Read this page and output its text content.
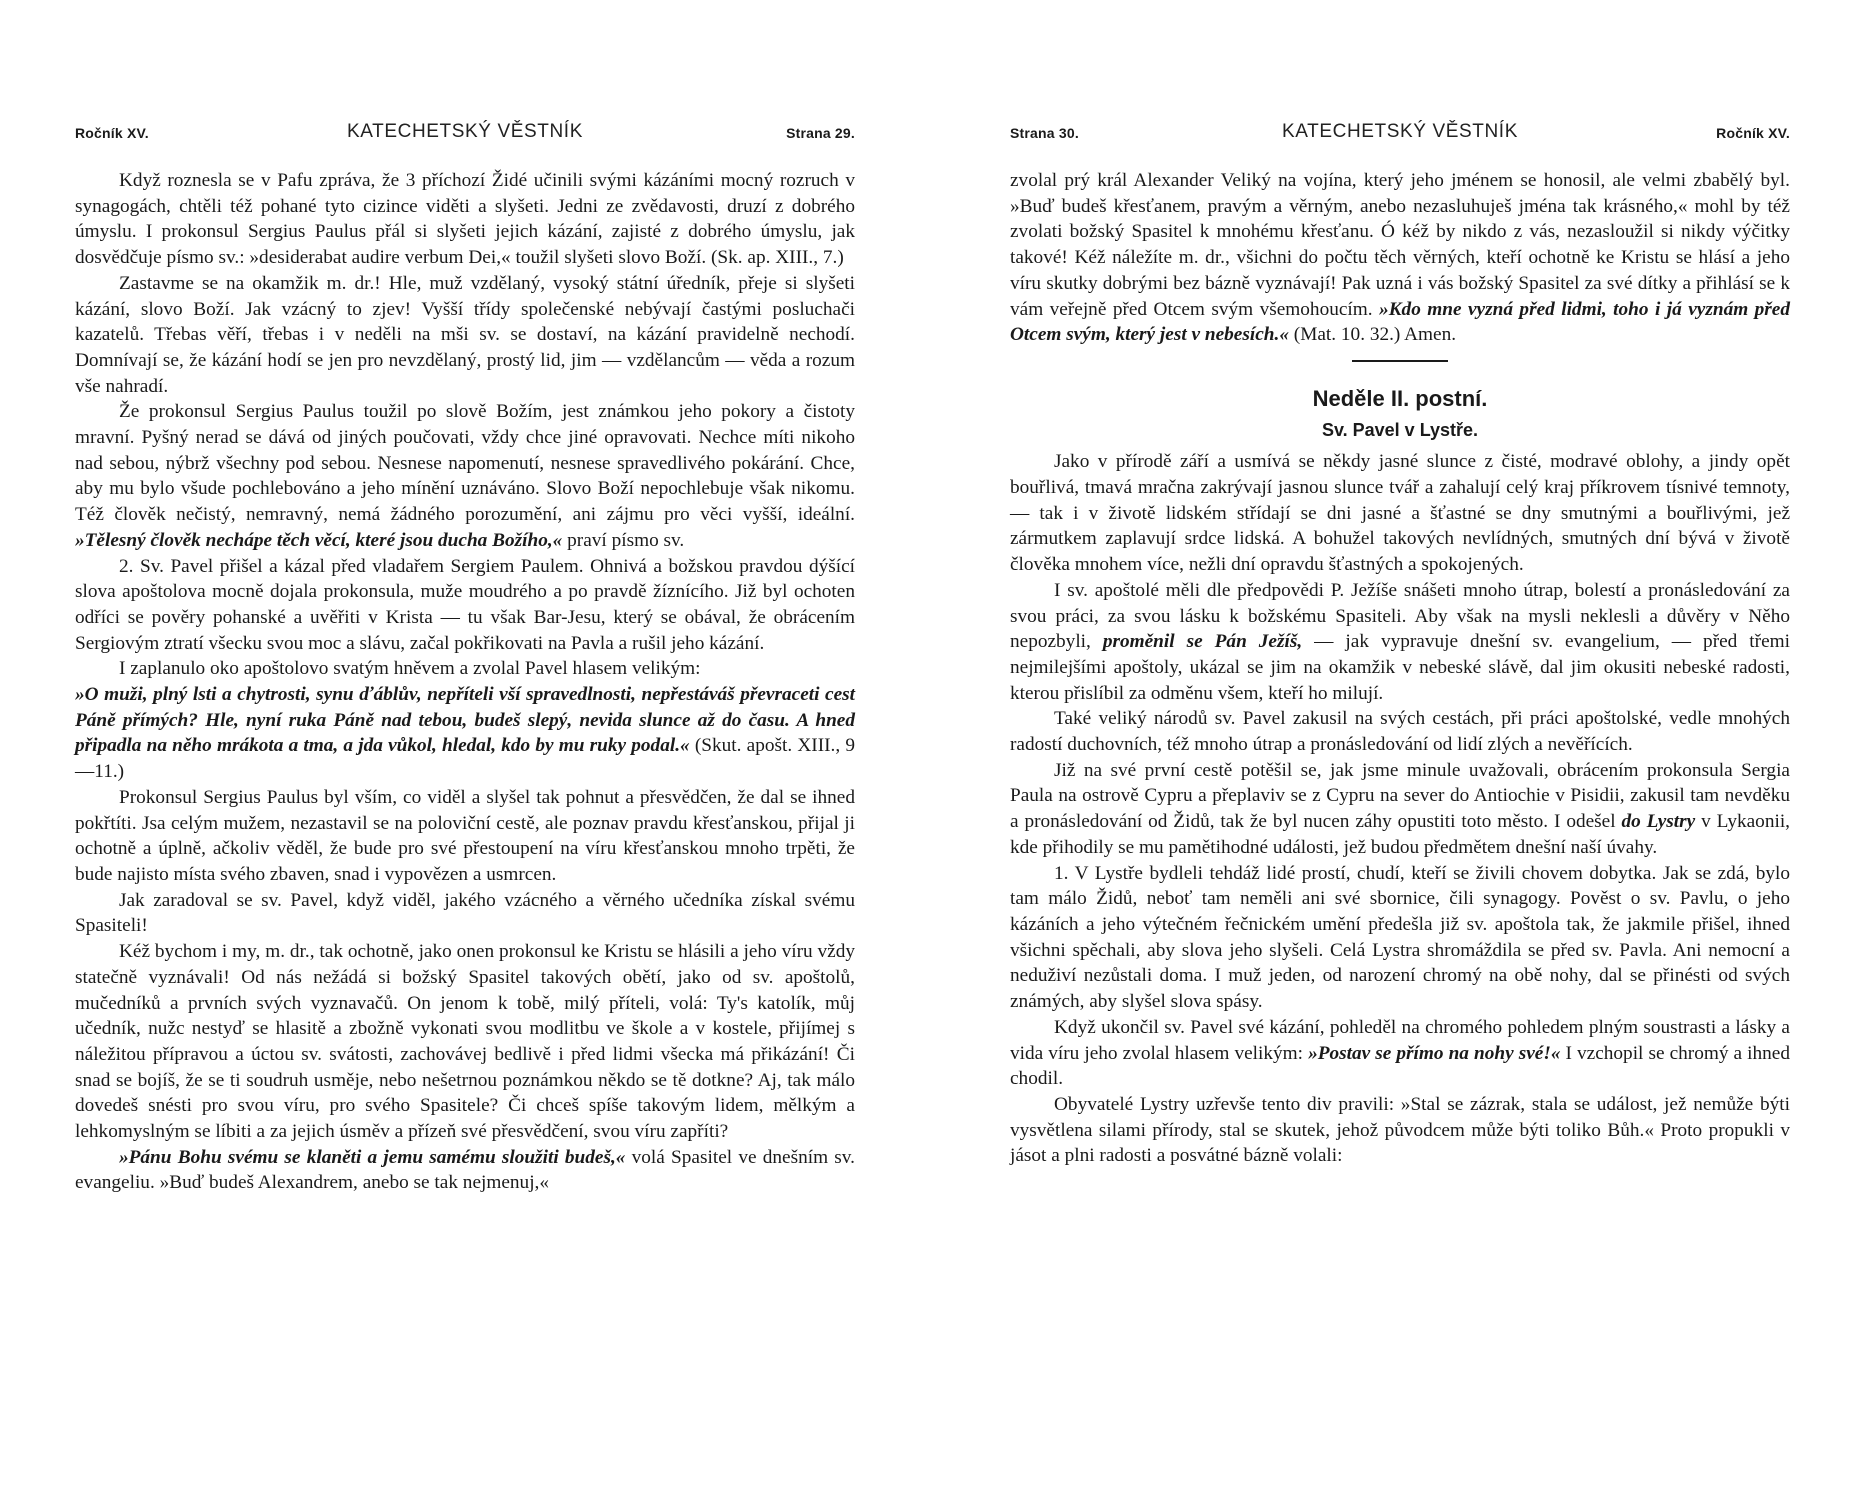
Ročník XV.	KATECHETSKÝ VĚSTNÍK	Strana 29.

Když roznesla se v Pafu zpráva, že 3 příchozí Židé učinili svými kázáními mocný rozruch v synagogách, chtěli též pohané tyto cizince viděti a slyšeti. Jedni ze zvědavosti, druzí z dobrého úmyslu. I prokonsul Sergius Paulus přál si slyšeti jejich kázání, zajisté z dobrého úmyslu, jak dosvědčuje písmo sv.: »desiderabat audire verbum Dei,« toužil slyšeti slovo Boží. (Sk. ap. XIII., 7.)

Zastavme se na okamžik m. dr.! Hle, muž vzdělaný, vysoký státní úředník, přeje si slyšeti kázání, slovo Boží. Jak vzácný to zjev! Vyšší třídy společenské nebývají častými posluchači kazatelů. Třebas věří, třebas i v neděli na mši sv. se dostaví, na kázání pravidelně nechodí. Domnívají se, že kázání hodí se jen pro nevzdělaný, prostý lid, jim — vzdělancům — věda a rozum vše nahradí.

Že prokonsul Sergius Paulus toužil po slově Božím, jest známkou jeho pokory a čistoty mravní. Pyšný nerad se dává od jiných poučovati, vždy chce jiné opravovati. Nechce míti nikoho nad sebou, nýbrž všechny pod sebou. Nesnese napomenutí, nesnese spravedlivého pokárání. Chce, aby mu bylo všude pochlebováno a jeho mínění uznáváno. Slovo Boží nepochlebuje však nikomu. Též člověk nečistý, nemravný, nemá žádného porozumění, ani zájmu pro věci vyšší, ideální. »Tělesný člověk nechápe těch věcí, které jsou ducha Božího,« praví písmo sv.

2. Sv. Pavel přišel a kázal před vladařem Sergiem Paulem. Ohnivá a božskou pravdou dýšící slova apoštolova mocně dojala prokonsula, muže moudrého a po pravdě žíznícího. Již byl ochoten odříci se pověry pohanské a uvěřiti v Krista — tu však Bar-Jesu, který se obával, že obrácením Sergiovým ztratí všecku svou moc a slávu, začal pokřikovati na Pavla a rušil jeho kázání.

I zaplanulo oko apoštolovo svatým hněvem a zvolal Pavel hlasem velikým:

»O muži, plný lsti a chytrosti, synu ďáblův, nepříteli vší spravedlnosti, nepřestáváš převraceti cest Páně přímých? Hle, nyní ruka Páně nad tebou, budeš slepý, nevida slunce až do času. A hned připadla na něho mrákota a tma, a jda vůkol, hledal, kdo by mu ruky podal.« (Skut. apošt. XIII., 9—11.)

Prokonsul Sergius Paulus byl vším, co viděl a slyšel tak pohnut a přesvědčen, že dal se ihned pokřtíti. Jsa celým mužem, nezastavil se na poloviční cestě, ale poznav pravdu křesťanskou, přijal ji ochotně a úplně, ačkoliv věděl, že bude pro své přestoupení na víru křesťanskou mnoho trpěti, že bude najisto místa svého zbaven, snad i vypovězen a usmrcen.

Jak zaradoval se sv. Pavel, když viděl, jakého vzácného a věrného učedníka získal svému Spasiteli!

Kéž bychom i my, m. dr., tak ochotně, jako onen prokonsul ke Kristu se hlásili a jeho víru vždy statečně vyznávali! Od nás nežádá si božský Spasitel takových obětí, jako od sv. apoštolů, mučedníků a prvních svých vyznavačů. On jenom k tobě, milý příteli, volá: Ty's katolík, můj učedník, nužc nestyď se hlasitě a zbožně vykonati svou modlitbu ve škole a v kostele, přijímej s náležitou přípravou a úctou sv. svátosti, zachovávej bedlivě i před lidmi všecka má přikázání! Či snad se bojíš, že se ti soudruh usměje, nebo nešetrnou poznámkou někdo se tě dotkne? Aj, tak málo dovedeš snésti pro svou víru, pro svého Spasitele? Či chceš spíše takovým lidem, mělkým a lehkomyslným se líbiti a za jejich úsměv a přízeň své přesvědčení, svou víru zapříti?

»Pánu Bohu svému se klaněti a jemu samému sloužiti budeš,« volá Spasitel ve dnešním sv. evangeliu. »Buď budeš Alexandrem, anebo se tak nejmenuj,«

Strana 30.	KATECHETSKÝ VĚSTNÍK	Ročník XV.

zvolal prý král Alexander Veliký na vojína, který jeho jménem se honosil, ale velmi zbabělý byl. »Buď budeš křesťanem, pravým a věrným, anebo nezasluhuješ jména tak krásného,« mohl by též zvolati božský Spasitel k mnohému křesťanu. Ó kéž by nikdo z vás, nezasloužil si nikdy výčitky takové! Kéž náležíte m. dr., všichni do počtu těch věrných, kteří ochotně ke Kristu se hlásí a jeho víru skutky dobrými bez bázně vyznávají! Pak uzná i vás božský Spasitel za své dítky a přihlásí se k vám veřejně před Otcem svým všemohoucím. »Kdo mne vyzná před lidmi, toho i já vyznám před Otcem svým, který jest v nebesích.« (Mat. 10. 32.) Amen.

Neděle II. postní.
Sv. Pavel v Lystře.

Jako v přírodě září a usmívá se někdy jasné slunce z čisté, modravé oblohy, a jindy opět bouřlivá, tmavá mračna zakrývají jasnou slunce tvář a zahalují celý kraj příkrovem tísnivé temnoty, — tak i v životě lidském střídají se dni jasné a šťastné se dny smutnými a bouřlivými, jež zármutkem zaplavují srdce lidská. A bohužel takových nevlídných, smutných dní bývá v životě člověka mnohem více, nežli dní opravdu šťastných a spokojených.

I sv. apoštolé měli dle předpovědi P. Ježíše snášeti mnoho útrap, bolestí a pronásledování za svou práci, za svou lásku k božskému Spasiteli. Aby však na mysli neklesli a důvěry v Něho nepozbyli, proměnil se Pán Ježíš, — jak vypravuje dnešní sv. evangelium, — před třemi nejmilejšími apoštoly, ukázal se jim na okamžik v nebeské slávě, dal jim okusiti nebeské radosti, kterou přislíbil za odměnu všem, kteří ho milují.

Také veliký národů sv. Pavel zakusil na svých cestách, při práci apoštolské, vedle mnohých radostí duchovních, též mnoho útrap a pronásledování od lidí zlých a nevěřících.

Již na své první cestě potěšil se, jak jsme minule uvažovali, obrácením prokonsula Sergia Paula na ostrově Cypru a přeplaviv se z Cypru na sever do Antiochie v Pisidii, zakusil tam nevděku a pronásledování od Židů, tak že byl nucen záhy opustiti toto město. I odešel do Lystry v Lykaonii, kde přihodily se mu pamětihodné události, jež budou předmětem dnešní naší úvahy.

1. V Lystře bydleli tehdáž lidé prostí, chudí, kteří se živili chovem dobytka. Jak se zdá, bylo tam málo Židů, neboť tam neměli ani své sbornice, čili synagogy. Pověst o sv. Pavlu, o jeho kázáních a jeho výtečném řečnickém umění předešla již sv. apoštola tak, že jakmile přišel, ihned všichni spěchali, aby slova jeho slyšeli. Celá Lystra shromáždila se před sv. Pavla. Ani nemocní a neduživí nezůstali doma. I muž jeden, od narození chromý na obě nohy, dal se přinésti od svých známých, aby slyšel slova spásy.

Když ukončil sv. Pavel své kázání, pohleděl na chromého pohledem plným soustrasti a lásky a vida víru jeho zvolal hlasem velikým: »Postav se přímo na nohy své!« I vzchopil se chromý a ihned chodil.

Obyvatelé Lystry uzřevše tento div pravili: »Stal se zázrak, stala se událost, jež nemůže býti vysvětlena silami přírody, stal se skutek, jehož původcem může býti toliko Bůh.« Proto propukli v jásot a plni radosti a posvátné bázně volali:
